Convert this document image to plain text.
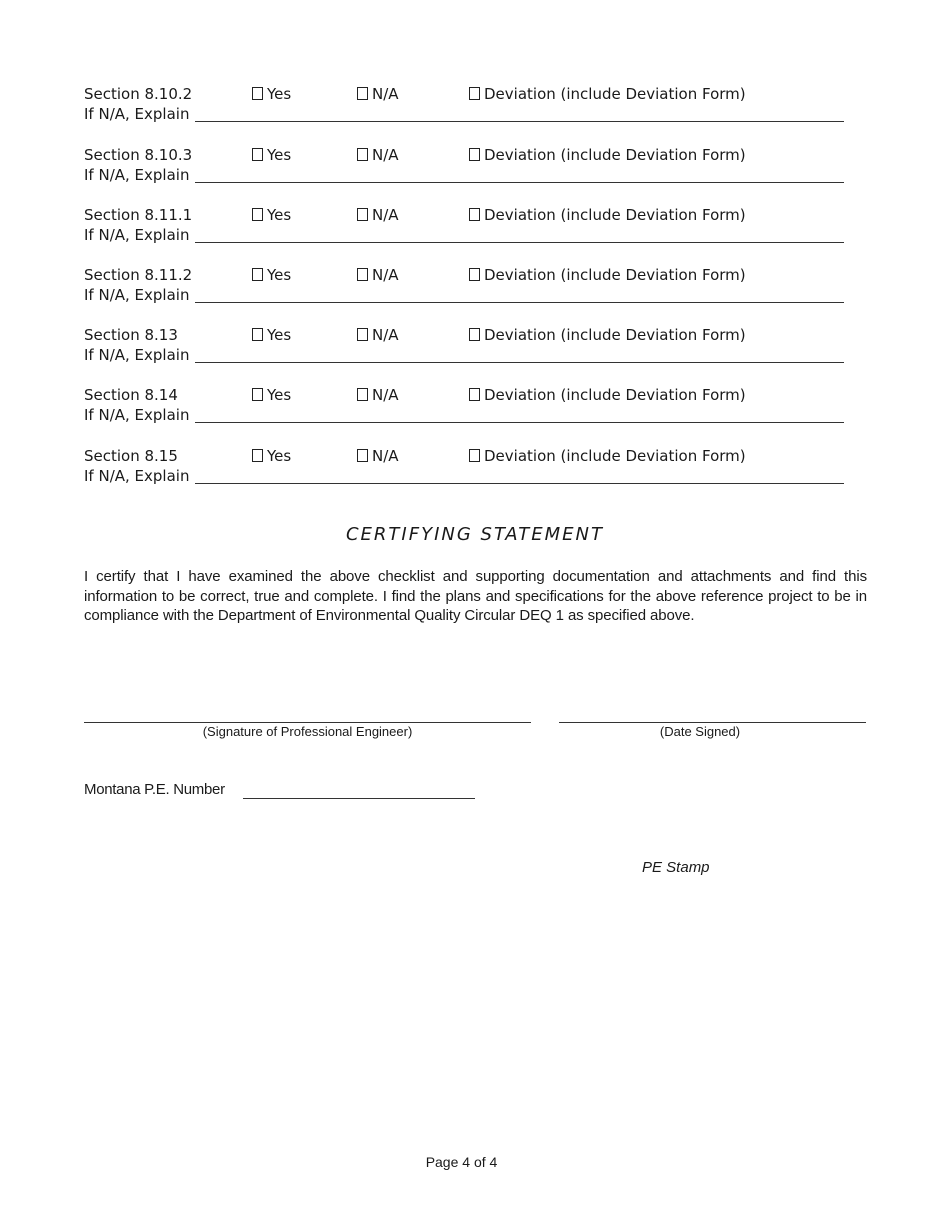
Section 8.10.2	Yes	N/A	Deviation (include Deviation Form)
If N/A, Explain
Section 8.10.3	Yes	N/A	Deviation (include Deviation Form)
If N/A, Explain
Section 8.11.1	Yes	N/A	Deviation (include Deviation Form)
If N/A, Explain
Section 8.11.2	Yes	N/A	Deviation (include Deviation Form)
If N/A, Explain
Section 8.13	Yes	N/A	Deviation (include Deviation Form)
If N/A, Explain
Section 8.14	Yes	N/A	Deviation (include Deviation Form)
If N/A, Explain
Section 8.15	Yes	N/A	Deviation (include Deviation Form)
If N/A, Explain
CERTIFYING STATEMENT
I certify that I have examined the above checklist and supporting documentation and attachments and find this information to be correct, true and complete. I find the plans and specifications for the above reference project to be in compliance with the Department of Environmental Quality Circular DEQ 1 as specified above.
(Signature of Professional Engineer)	(Date Signed)
Montana P.E. Number
PE Stamp
Page 4 of 4
